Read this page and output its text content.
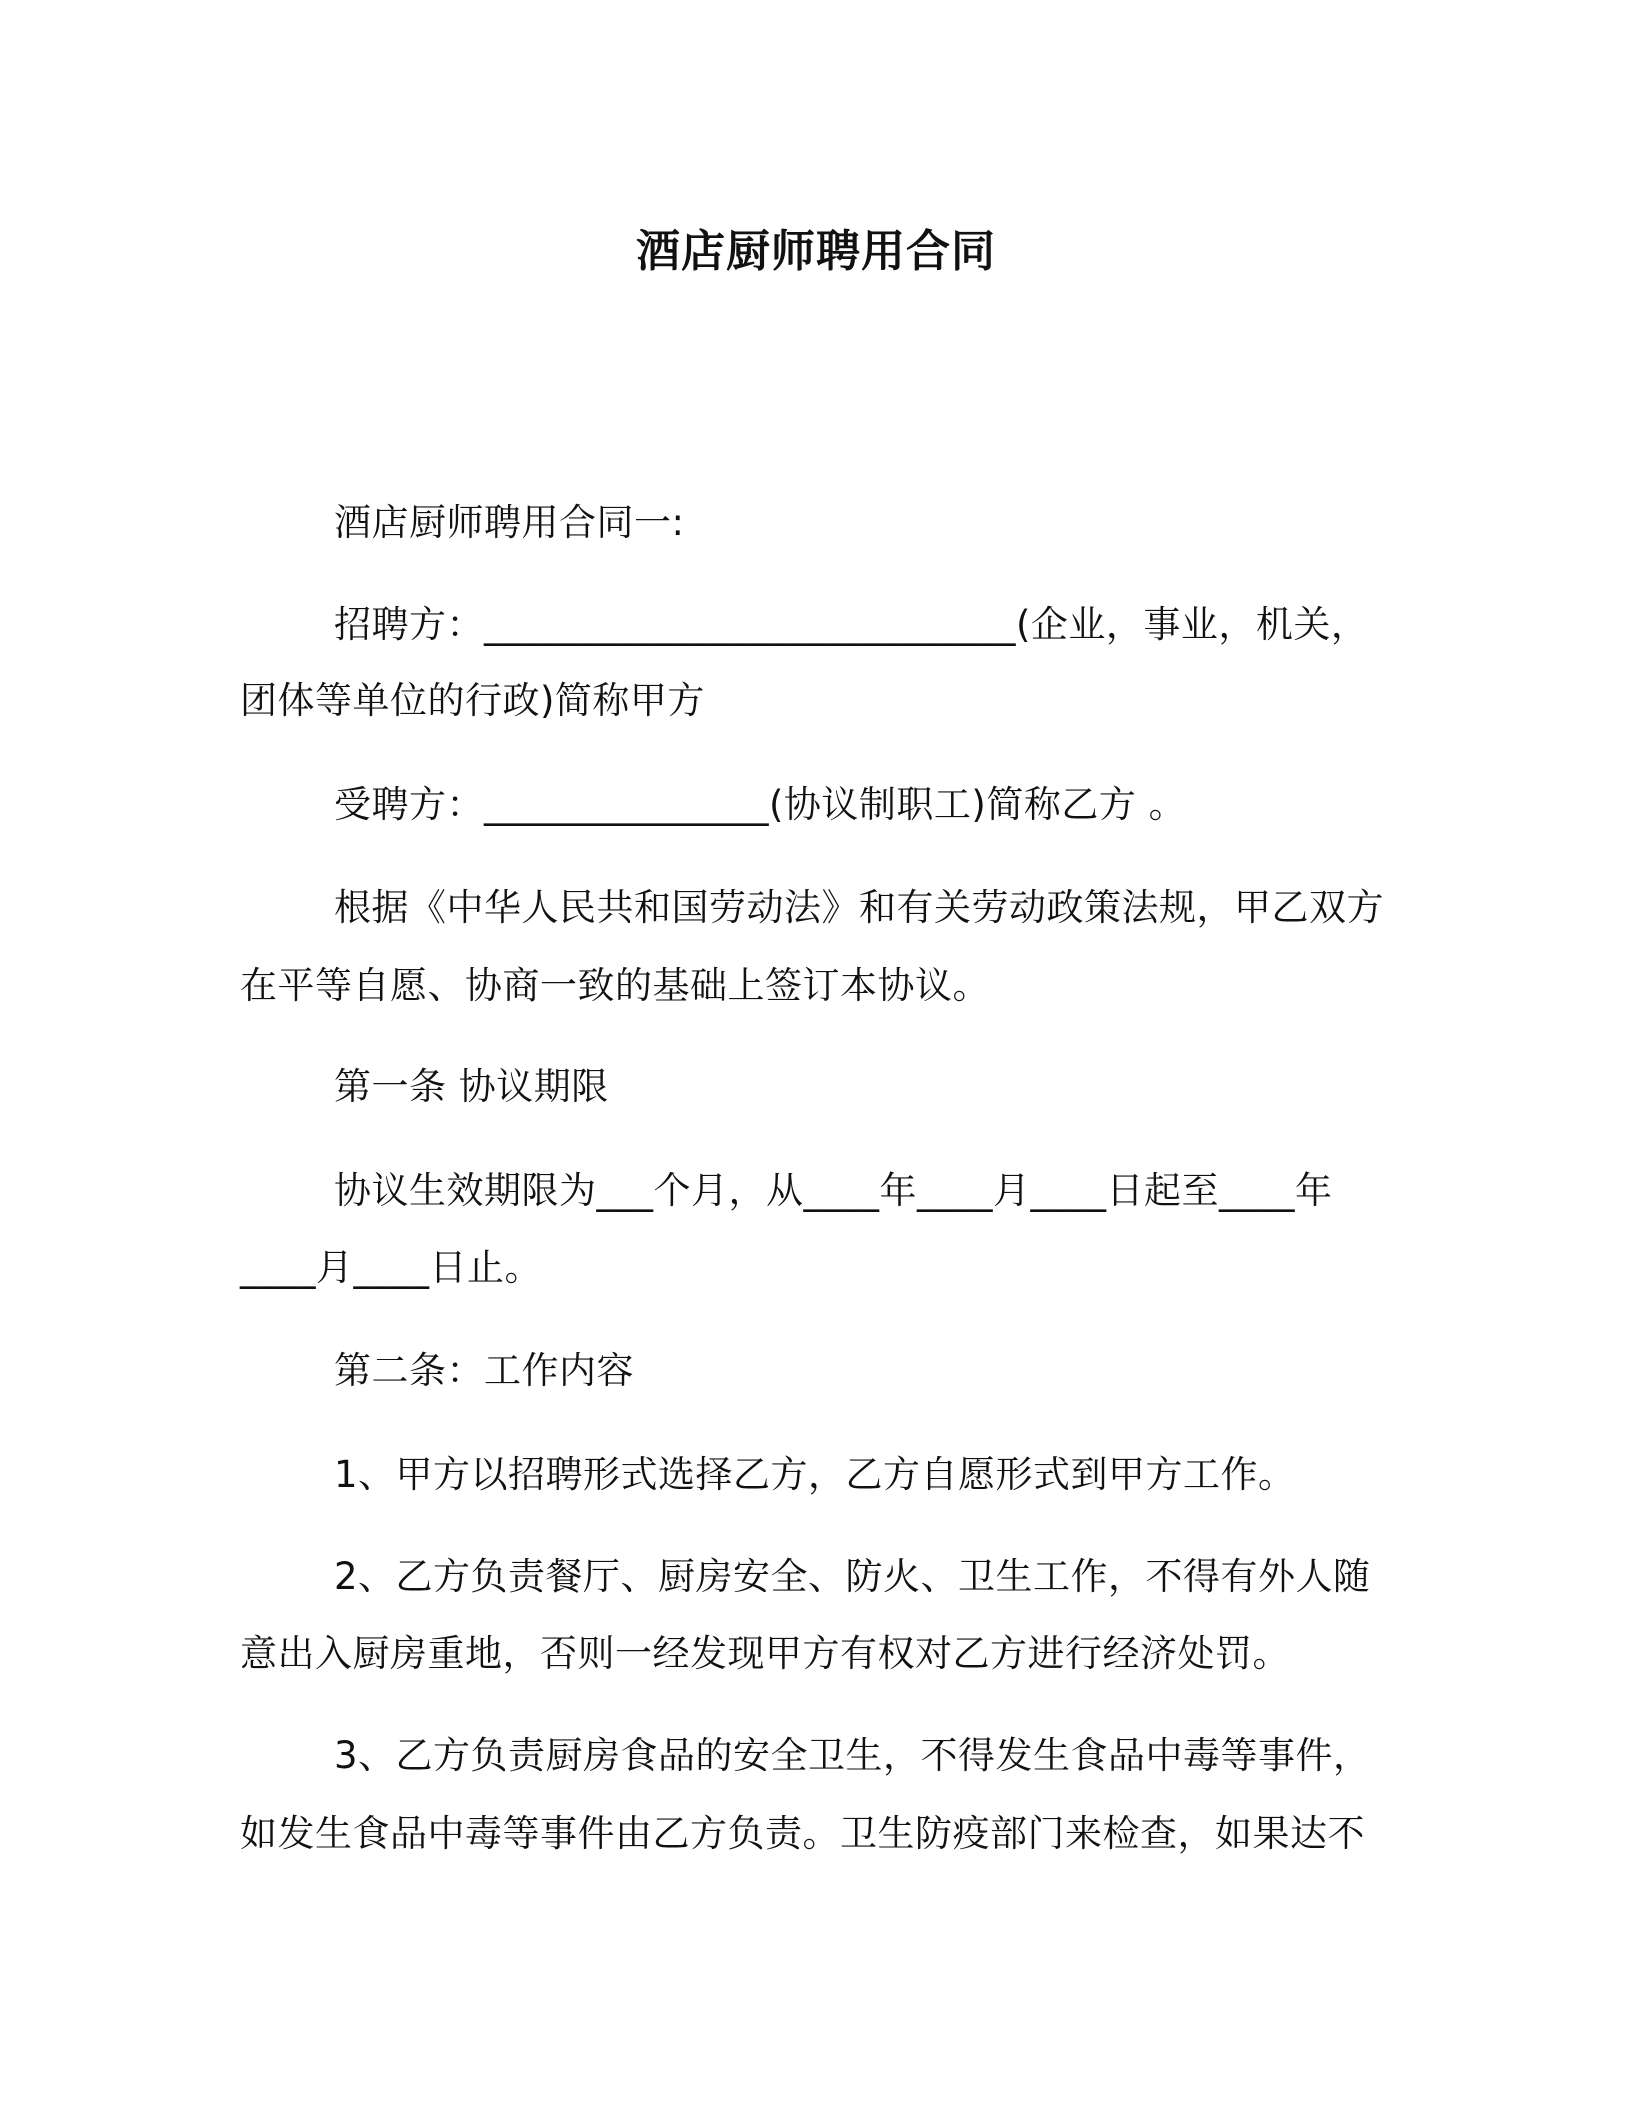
酒店厨师聘用合同
酒店厨师聘用合同一:
招聘方：____________________________(企业，事业，机关，
团体等单位的行政)简称甲方
受聘方：_______________(协议制职工)简称乙方 。
根据《中华人民共和国劳动法》和有关劳动政策法规，甲乙双方
在平等自愿、协商一致的基础上签订本协议。
第一条 协议期限
协议生效期限为___个月，从____年____月____日起至____年
____月____日止。
第二条：工作内容
1、甲方以招聘形式选择乙方，乙方自愿形式到甲方工作。
2、乙方负责餐厅、厨房安全、防火、卫生工作，不得有外人随
意出入厨房重地，否则一经发现甲方有权对乙方进行经济处罚。
3、乙方负责厨房食品的安全卫生，不得发生食品中毒等事件，
如发生食品中毒等事件由乙方负责。卫生防疫部门来检查，如果达不
